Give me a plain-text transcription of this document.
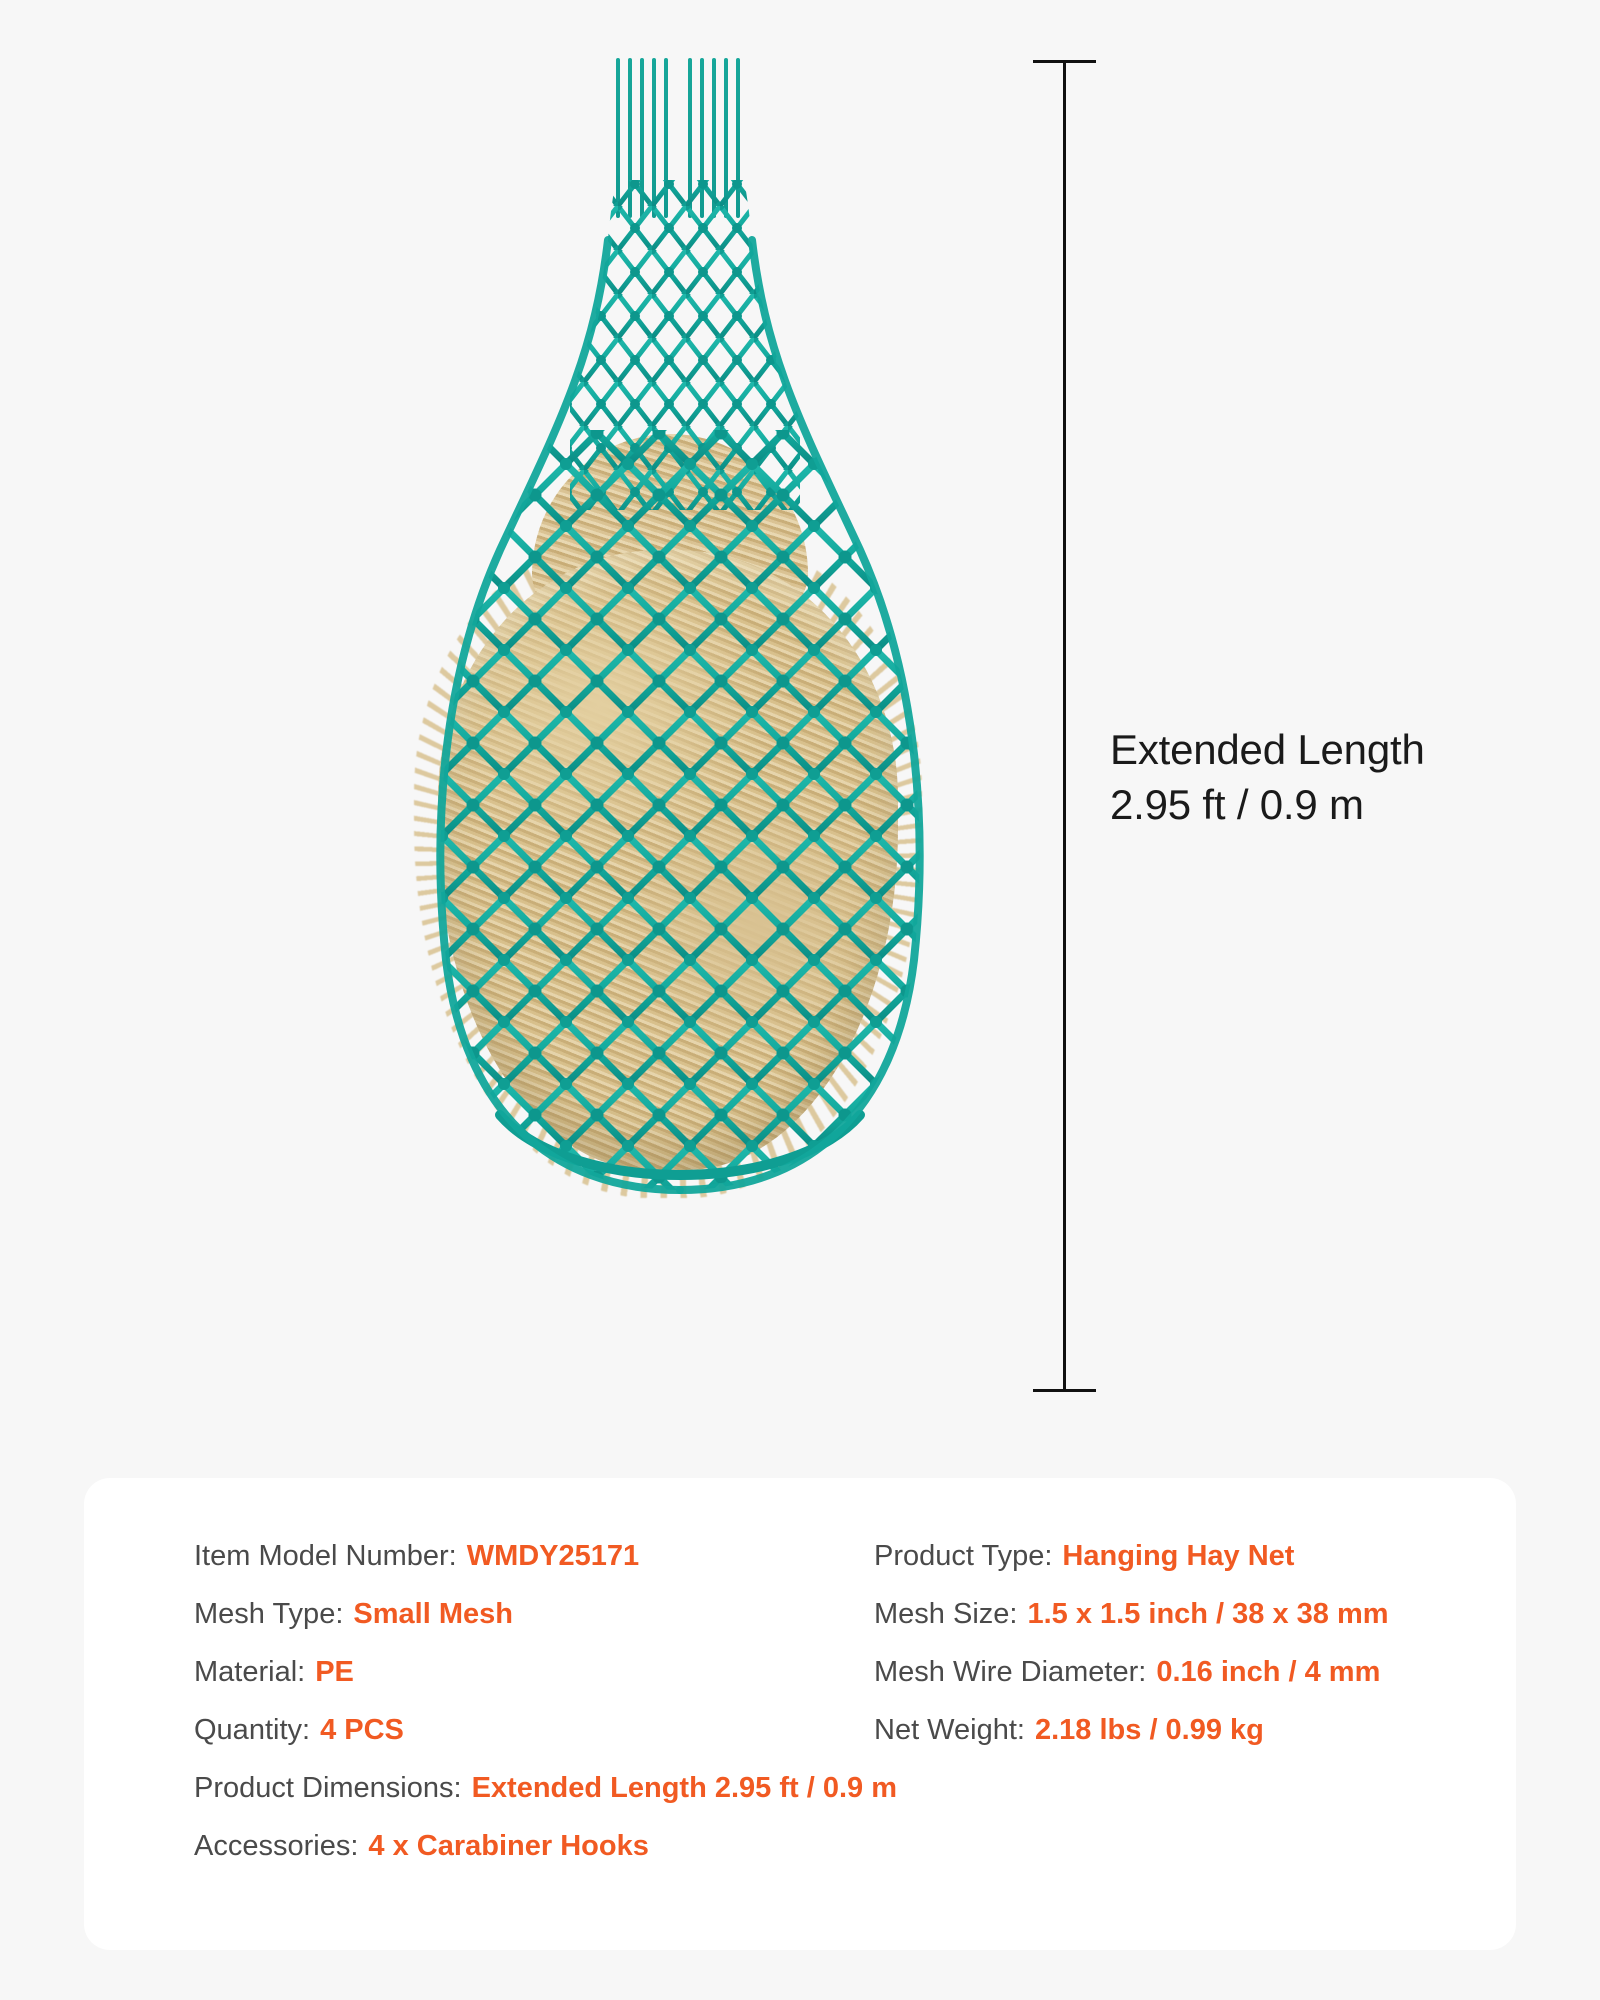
Extended Length
2.95 ft / 0.9 m
Item Model Number: WMDY25171	Product Type: Hanging Hay Net
Mesh Type: Small Mesh	Mesh Size: 1.5 x 1.5 inch / 38 x 38 mm
Material: PE	Mesh Wire Diameter: 0.16 inch / 4 mm
Quantity: 4 PCS	Net Weight: 2.18 lbs / 0.99 kg
Product Dimensions: Extended Length 2.95 ft / 0.9 m
Accessories: 4 x Carabiner Hooks
